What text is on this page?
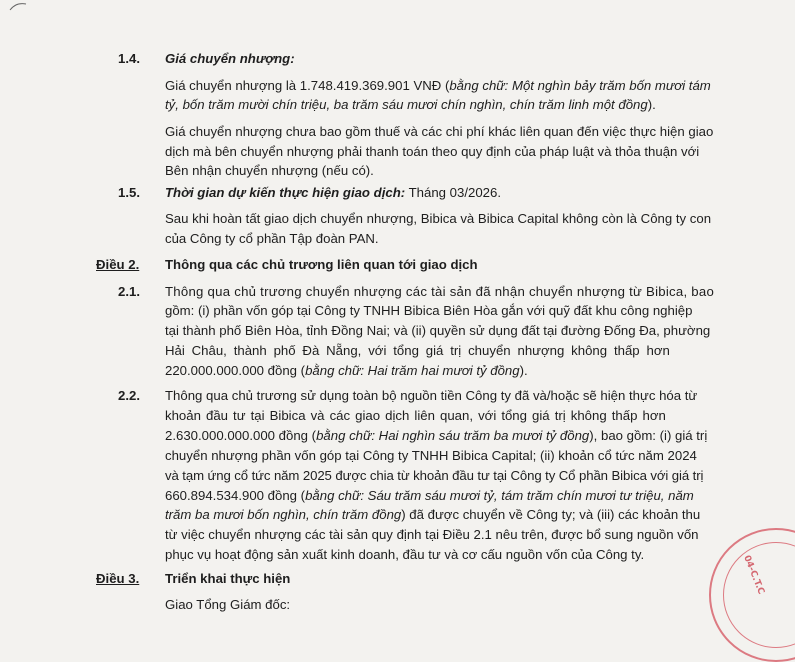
1.4. Giá chuyển nhượng:
Giá chuyển nhượng là 1.748.419.369.901 VNĐ (bằng chữ: Một nghìn bảy trăm bốn mươi tám
tỷ, bốn trăm mười chín triệu, ba trăm sáu mươi chín nghìn, chín trăm linh một đồng).
Giá chuyển nhượng chưa bao gồm thuế và các chi phí khác liên quan đến việc thực hiện giao
dịch mà bên chuyển nhượng phải thanh toán theo quy định của pháp luật và thỏa thuận với
Bên nhận chuyển nhượng (nếu có).
1.5. Thời gian dự kiến thực hiện giao dịch: Tháng 03/2026.
Sau khi hoàn tất giao dịch chuyển nhượng, Bibica và Bibica Capital không còn là Công ty con
của Công ty cổ phần Tập đoàn PAN.
Điều 2. Thông qua các chủ trương liên quan tới giao dịch
2.1. Thông qua chủ trương chuyển nhượng các tài sản đã nhận chuyển nhượng từ Bibica, bao
gồm: (i) phần vốn góp tại Công ty TNHH Bibica Biên Hòa gắn với quỹ đất khu công nghiệp
tại thành phố Biên Hòa, tỉnh Đồng Nai; và (ii) quyền sử dụng đất tại đường Đống Đa, phường
Hải Châu, thành phố Đà Nẵng, với tổng giá trị chuyển nhượng không thấp hơn
220.000.000.000 đồng (bằng chữ: Hai trăm hai mươi tỷ đồng).
2.2. Thông qua chủ trương sử dụng toàn bộ nguồn tiền Công ty đã và/hoặc sẽ hiện thực hóa từ
khoản đầu tư tại Bibica và các giao dịch liên quan, với tổng giá trị không thấp hơn
2.630.000.000.000 đồng (bằng chữ: Hai nghìn sáu trăm ba mươi tỷ đồng), bao gồm: (i) giá trị
chuyển nhượng phần vốn góp tại Công ty TNHH Bibica Capital; (ii) khoản cổ tức năm 2024
và tạm ứng cổ tức năm 2025 được chia từ khoản đầu tư tại Công ty Cổ phần Bibica với giá trị
660.894.534.900 đồng (bằng chữ: Sáu trăm sáu mươi tỷ, tám trăm chín mươi tư triệu, năm
trăm ba mươi bốn nghìn, chín trăm đồng) đã được chuyển về Công ty; và (iii) các khoản thu
từ việc chuyển nhượng các tài sản quy định tại Điều 2.1 nêu trên, được bổ sung nguồn vốn
phục vụ hoạt động sản xuất kinh doanh, đầu tư và cơ cấu nguồn vốn của Công ty.
Điều 3. Triển khai thực hiện
Giao Tổng Giám đốc:
04-C.T.C
